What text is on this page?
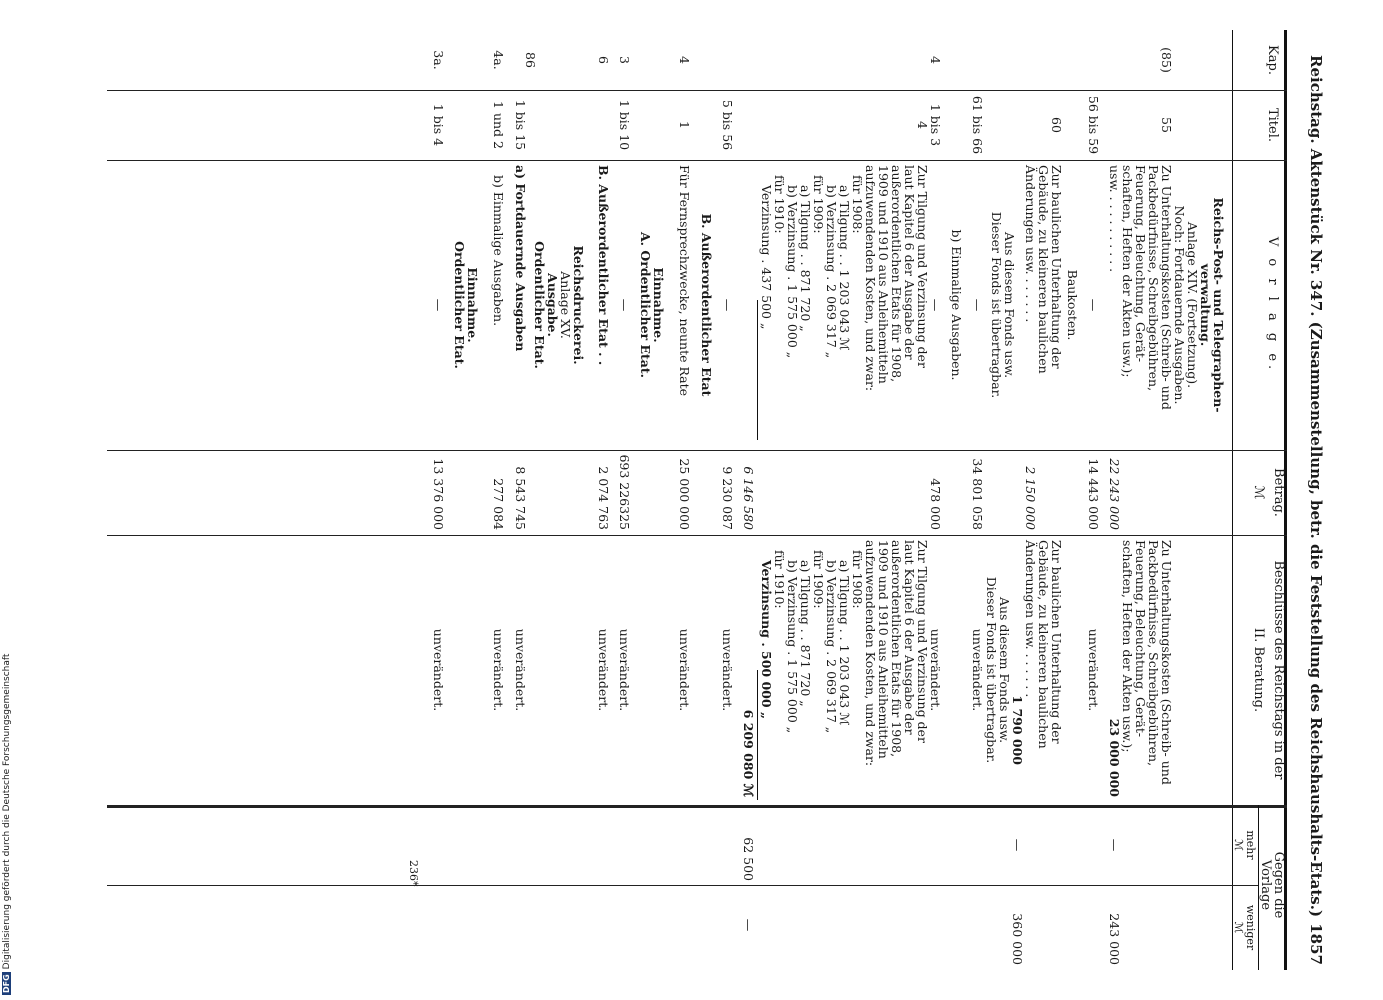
DFGDigitalisierung gefördert durch die Deutsche Forschungsgemeinschaft	Reichstag. Aktenstück Nr. 347. (Zusammenstellung, betr. die Feststellung des Reichshaushalts-Etats.)
1857
Kap.
Titel.
V o r l a g e.
Betrag.
ℳ
Beschlüsse des Reichstags in der
II. Beratung.
Gegen die
Vorlage
mehr
weniger
ℳ
ℳ
Reichs-Post- und Telegraphen-
verwaltung.
Anlage XIV. (Fortsetzung).
Noch: Fortdauernde Ausgaben.
(85)
55
Zu Unterhaltungskosten (Schreib- und
Packbedürfnisse, Schreibgebühren,
Feuerung, Beleuchtung, Gerät-
schaften, Heften der Akten usw.);
usw. . . . . . . . . . .
22 243 000
Zu Unterhaltungskosten (Schreib- und
Packbedürfnisse, Schreibgebühren,
Feuerung, Beleuchtung, Gerät-
schaften, Heften der Akten usw.);
23 000 000
—
243 000
56 bis 59
—
14 443 000
unverändert.
Baukosten.
60
Zur baulichen Unterhaltung der
Gebäude, zu kleineren baulichen
Änderungen usw. . . . . . .
2 150 000
Zur baulichen Unterhaltung der
Gebäude, zu kleineren baulichen
Änderungen usw. . . . . . .
1 790 000
—
360 000
Aus diesem Fonds usw.
Dieser Fonds ist übertragbar.
Aus diesem Fonds usw.
Dieser Fonds ist übertragbar.
61 bis 66
—
34 801 058
unverändert.
b) Einmalige Ausgaben.
4
1 bis 3
—
478 000
unverändert.
4
Zur Tilgung und Verzinsung der
laut Kapitel 6 der Ausgabe der
außerordentlichen Etats für 1908,
1909 und 1910 aus Anleihemitteln
aufzuwendenden Kosten, und zwar:
für 1908:
a) Tilgung . . 1 203 043 ℳ
b) Verzinsung . 2 069 317 „
für 1909:
a) Tilgung . . 871 720 „
b) Verzinsung . 1 575 000 „
für 1910:
Verzinsung . 437 500 „
6 146 580
Zur Tilgung und Verzinsung der
laut Kapitel 6 der Ausgabe der
außerordentlichen Etats für 1908,
1909 und 1910 aus Anleihemitteln
aufzuwendenden Kosten, und zwar:
für 1908:
a) Tilgung . . 1 203 043 ℳ
b) Verzinsung . 2 069 317 „
für 1909:
a) Tilgung . . 871 720 „
b) Verzinsung . 1 575 000 „
für 1910:
Verzinsung . 500 000 „
6 209 080 ℳ
62 500
—
5 bis 56
—
9 230 087
unverändert.
B. Außerordentlicher Etat
4
1
Für Fernsprechzwecke, neunte Rate
25 000 000
unverändert.
Einnahme.
A. Ordentlicher Etat.
3
1 bis 10
—
693 226325
unverändert.
6
B. Außerordentlicher Etat . .
2 074 763
unverändert.
Reichsdruckerei.
Anlage XV.
Ausgabe.
Ordentlicher Etat.
86
1 bis 15
a) Fortdauernde Ausgaben
8 543 745
unverändert.
4a.
1 und 2
b) Einmalige Ausgaben.
277 084
unverändert.
Einnahme.
Ordentlicher Etat.
3a.
1 bis 4
—
13 376 000
unverändert.
236*
